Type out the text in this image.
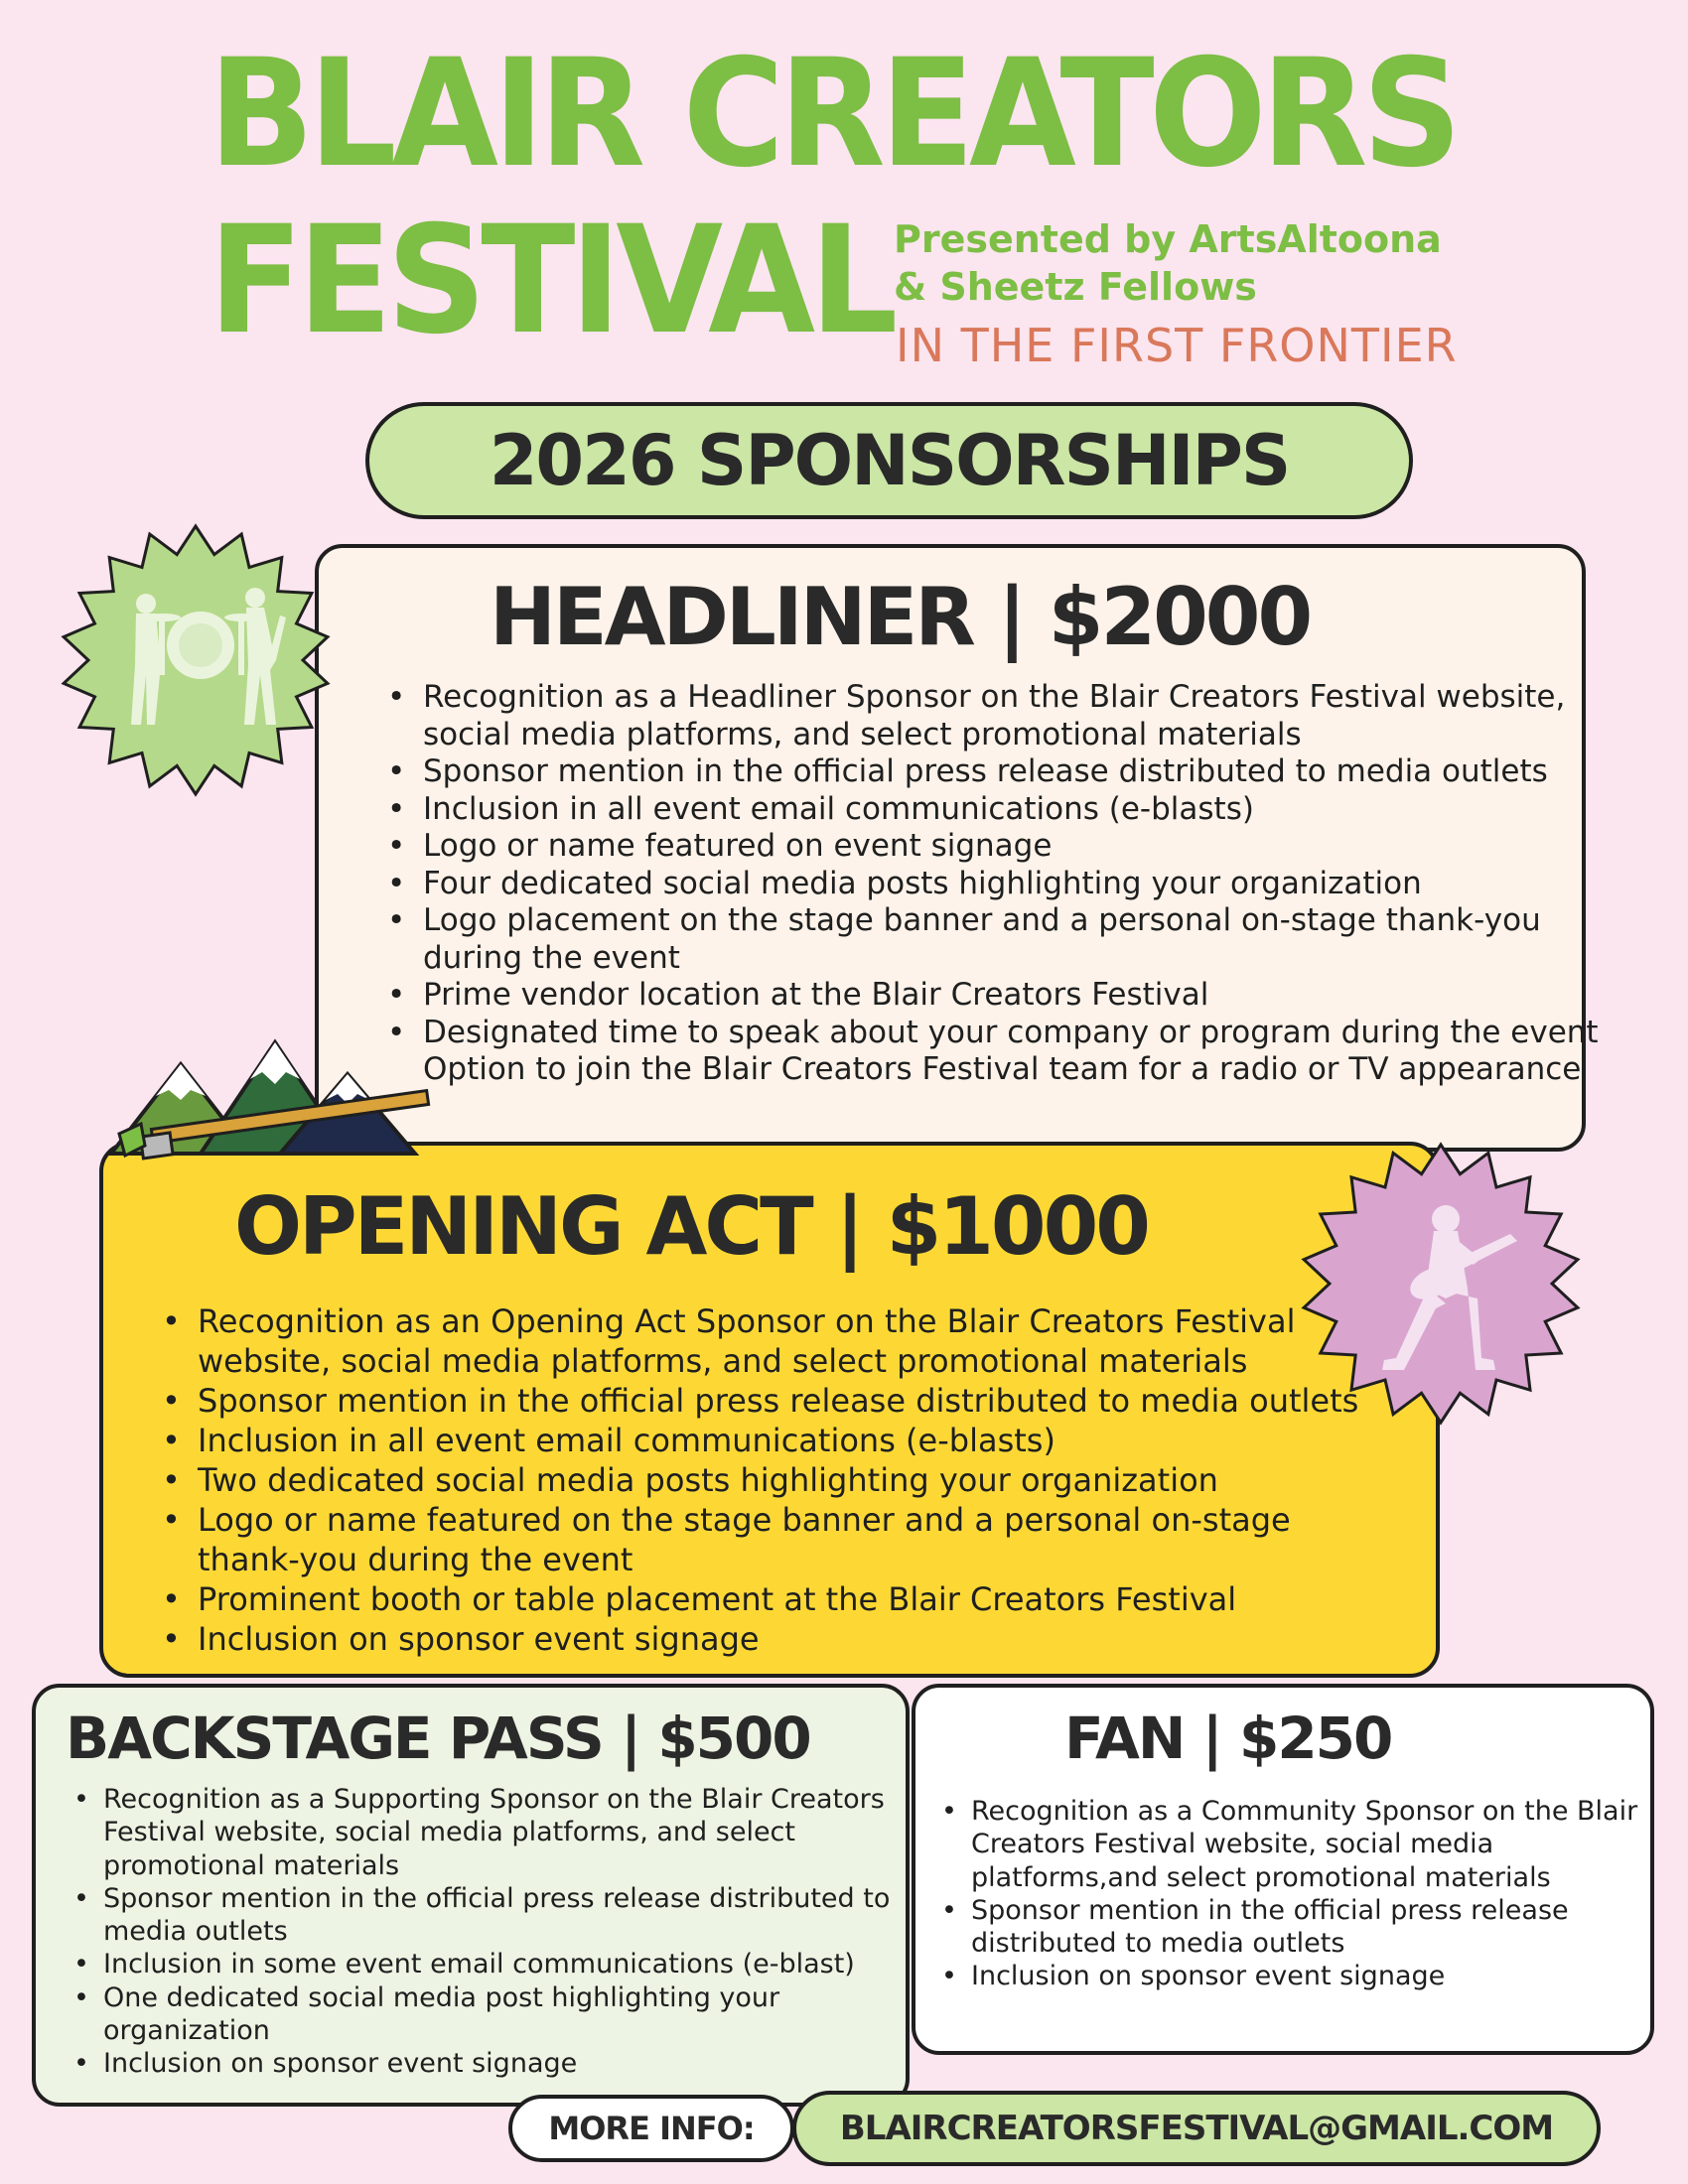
BLAIR CREATORS
FESTIVAL Presented by ArtsAltoona
& Sheetz Fellows
IN THE FIRST FRONTIER
2026 SPONSORSHIPS
HEADLINER | $2000
• Recognition as a Headliner Sponsor on the Blair Creators Festival website, social media platforms, and select promotional materials
• Sponsor mention in the official press release distributed to media outlets
• Inclusion in all event email communications (e-blasts)
• Logo or name featured on event signage
• Four dedicated social media posts highlighting your organization
• Logo placement on the stage banner and a personal on-stage thank-you during the event
• Prime vendor location at the Blair Creators Festival
• Designated time to speak about your company or program during the event
Option to join the Blair Creators Festival team for a radio or TV appearance
OPENING ACT | $1000
• Recognition as an Opening Act Sponsor on the Blair Creators Festival website, social media platforms, and select promotional materials
• Sponsor mention in the official press release distributed to media outlets
• Inclusion in all event email communications (e-blasts)
• Two dedicated social media posts highlighting your organization
• Logo or name featured on the stage banner and a personal on-stage thank-you during the event
• Prominent booth or table placement at the Blair Creators Festival
• Inclusion on sponsor event signage
BACKSTAGE PASS | $500
• Recognition as a Supporting Sponsor on the Blair Creators Festival website, social media platforms, and select promotional materials
• Sponsor mention in the official press release distributed to media outlets
• Inclusion in some event email communications (e-blast)
• One dedicated social media post highlighting your organization
• Inclusion on sponsor event signage
FAN | $250
• Recognition as a Community Sponsor on the Blair Creators Festival website, social media platforms,and select promotional materials
• Sponsor mention in the official press release distributed to media outlets
• Inclusion on sponsor event signage
MORE INFO:	BLAIRCREATORSFESTIVAL@GMAIL.COM
